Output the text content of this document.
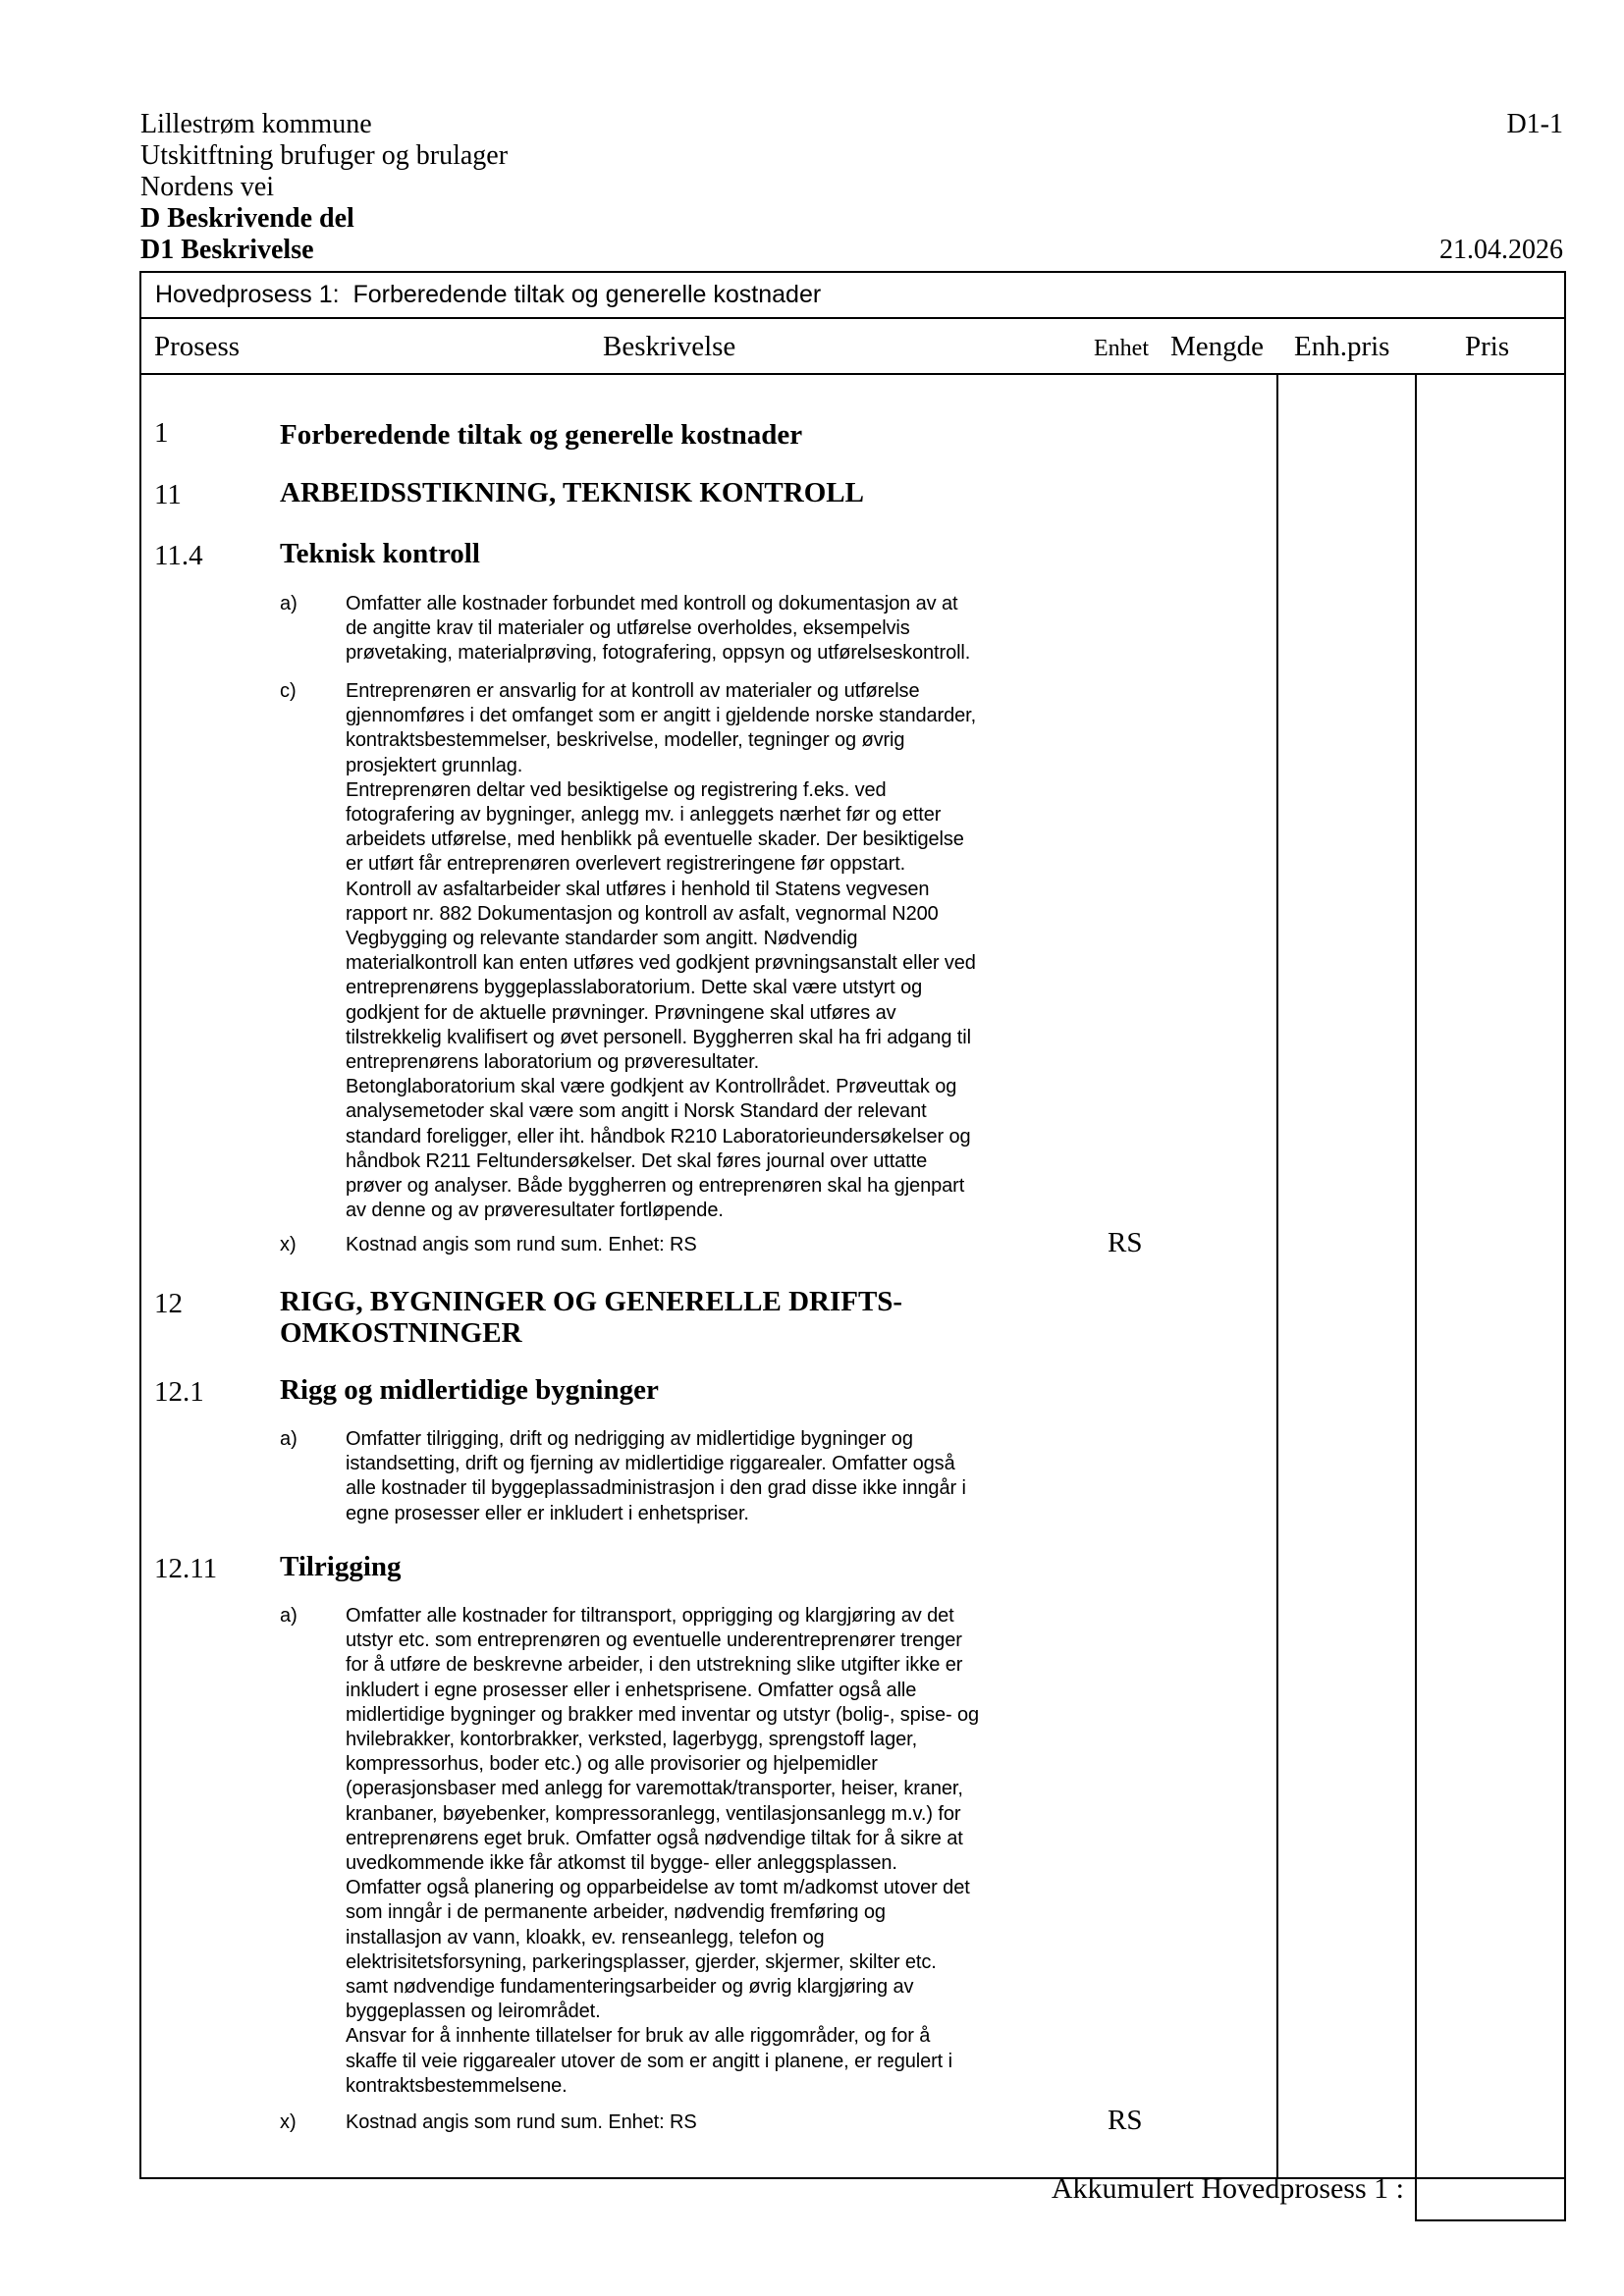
Lillestrøm kommune
Utskitftning brufuger og brulager
Nordens vei
D Beskrivende del
D1 Beskrivelse
D1-1
21.04.2026
Hovedprosess 1:  Forberedende tiltak og generelle kostnader
Prosess	Beskrivelse	Enhet Mengde Enh.pris	Pris
1	Forberedende tiltak og generelle kostnader
11	ARBEIDSSTIKNING, TEKNISK KONTROLL
11.4	Teknisk kontroll
a) Omfatter alle kostnader forbundet med kontroll og dokumentasjon av at
de angitte krav til materialer og utførelse overholdes, eksempelvis
prøvetaking, materialprøving, fotografering, oppsyn og utførelseskontroll.
c)	Entreprenøren er ansvarlig for at kontroll av materialer og utførelse
gjennomføres i det omfanget som er angitt i gjeldende norske standarder,
kontraktsbestemmelser, beskrivelse, modeller, tegninger og øvrig
prosjektert grunnlag.
Entreprenøren deltar ved besiktigelse og registrering f.eks. ved
fotografering av bygninger, anlegg mv. i anleggets nærhet før og etter
arbeidets utførelse, med henblikk på eventuelle skader. Der besiktigelse
er utført får entreprenøren overlevert registreringene før oppstart.
Kontroll av asfaltarbeider skal utføres i henhold til Statens vegvesen
rapport nr. 882 Dokumentasjon og kontroll av asfalt, vegnormal N200
Vegbygging og relevante standarder som angitt. Nødvendig
materialkontroll kan enten utføres ved godkjent prøvningsanstalt eller ved
entreprenørens byggeplasslaboratorium. Dette skal være utstyrt og
godkjent for de aktuelle prøvninger. Prøvningene skal utføres av
tilstrekkelig kvalifisert og øvet personell. Byggherren skal ha fri adgang til
entreprenørens laboratorium og prøveresultater.
Betonglaboratorium skal være godkjent av Kontrollrådet. Prøveuttak og
analysemetoder skal være som angitt i Norsk Standard der relevant
standard foreligger, eller iht. håndbok R210 Laboratorieundersøkelser og
håndbok R211 Feltundersøkelser. Det skal føres journal over uttatte
prøver og analyser. Både byggherren og entreprenøren skal ha gjenpart
av denne og av prøveresultater fortløpende.
x)	Kostnad angis som rund sum. Enhet: RS	RS
12	RIGG, BYGNINGER OG GENERELLE DRIFTS-
OMKOSTNINGER
12.1	Rigg og midlertidige bygninger
a) Omfatter tilrigging, drift og nedrigging av midlertidige bygninger og
istandsetting, drift og fjerning av midlertidige riggarealer. Omfatter også
alle kostnader til byggeplassadministrasjon i den grad disse ikke inngår i
egne prosesser eller er inkludert i enhetspriser.
12.11 Tilrigging
a) Omfatter alle kostnader for tiltransport, opprigging og klargjøring av det
utstyr etc. som entreprenøren og eventuelle underentreprenører trenger
for å utføre de beskrevne arbeider, i den utstrekning slike utgifter ikke er
inkludert i egne prosesser eller i enhetsprisene. Omfatter også alle
midlertidige bygninger og brakker med inventar og utstyr (bolig-, spise- og
hvilebrakker, kontorbrakker, verksted, lagerbygg, sprengstoff lager,
kompressorhus, boder etc.) og alle provisorier og hjelpemidler
(operasjonsbaser med anlegg for varemottak/transporter, heiser, kraner,
kranbaner, bøyebenker, kompressoranlegg, ventilasjonsanlegg m.v.) for
entreprenørens eget bruk. Omfatter også nødvendige tiltak for å sikre at
uvedkommende ikke får atkomst til bygge- eller anleggsplassen.
Omfatter også planering og opparbeidelse av tomt m/adkomst utover det
som inngår i de permanente arbeider, nødvendig fremføring og
installasjon av vann, kloakk, ev. renseanlegg, telefon og
elektrisitetsforsyning, parkeringsplasser, gjerder, skjermer, skilter etc.
samt nødvendige fundamenteringsarbeider og øvrig klargjøring av
byggeplassen og leirområdet.
Ansvar for å innhente tillatelser for bruk av alle riggområder, og for å
skaffe til veie riggarealer utover de som er angitt i planene, er regulert i
kontraktsbestemmelsene.
x)	Kostnad angis som rund sum. Enhet: RS	RS
Akkumulert Hovedprosess 1 :
